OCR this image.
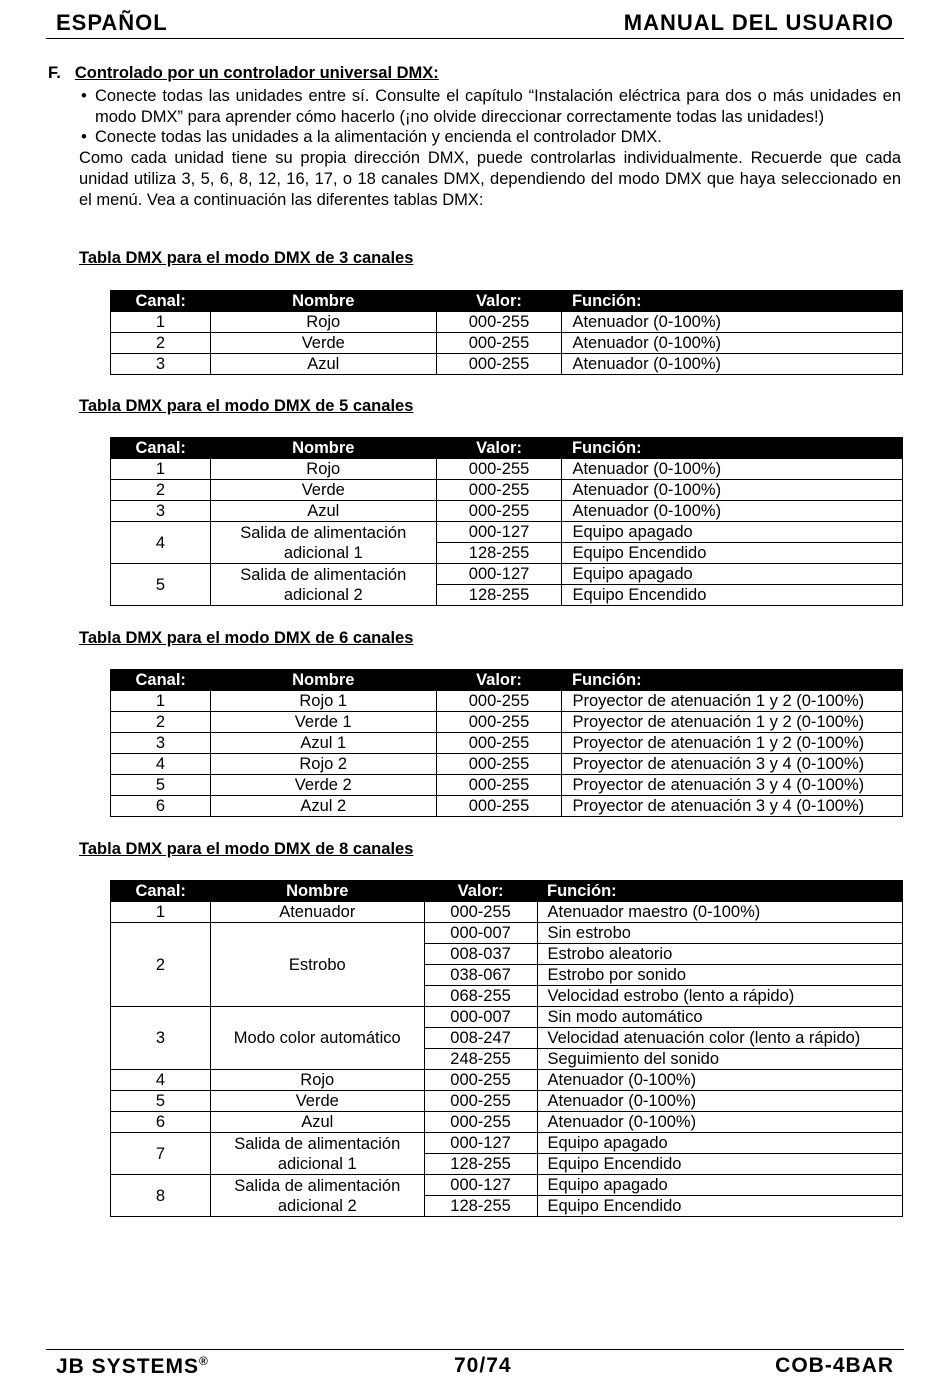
ESPAÑOL	MANUAL DEL USUARIO
F. Controlado por un controlador universal DMX:
• Conecte todas las unidades entre sí. Consulte el capítulo “Instalación eléctrica para dos o más unidades en modo DMX” para aprender cómo hacerlo (¡no olvide direccionar correctamente todas las unidades!)
• Conecte todas las unidades a la alimentación y encienda el controlador DMX.
Como cada unidad tiene su propia dirección DMX, puede controlarlas individualmente. Recuerde que cada unidad utiliza 3, 5, 6, 8, 12, 16, 17, o 18 canales DMX, dependiendo del modo DMX que haya seleccionado en el menú. Vea a continuación las diferentes tablas DMX:
Tabla DMX para el modo DMX de 3 canales
Canal:	Nombre	Valor:	Función:
1	Rojo	000-255	Atenuador (0-100%)
2	Verde	000-255	Atenuador (0-100%)
3	Azul	000-255	Atenuador (0-100%)
Tabla DMX para el modo DMX de 5 canales
Canal:	Nombre	Valor:	Función:
1	Rojo	000-255	Atenuador (0-100%)
2	Verde	000-255	Atenuador (0-100%)
3	Azul	000-255	Atenuador (0-100%)
4	Salida de alimentación adicional 1	000-127	Equipo apagado
		128-255	Equipo Encendido
5	Salida de alimentación adicional 2	000-127	Equipo apagado
		128-255	Equipo Encendido
Tabla DMX para el modo DMX de 6 canales
Canal:	Nombre	Valor:	Función:
1	Rojo 1	000-255	Proyector de atenuación 1 y 2 (0-100%)
2	Verde 1	000-255	Proyector de atenuación 1 y 2 (0-100%)
3	Azul 1	000-255	Proyector de atenuación 1 y 2 (0-100%)
4	Rojo 2	000-255	Proyector de atenuación 3 y 4 (0-100%)
5	Verde 2	000-255	Proyector de atenuación 3 y 4 (0-100%)
6	Azul 2	000-255	Proyector de atenuación 3 y 4 (0-100%)
Tabla DMX para el modo DMX de 8 canales
Canal:	Nombre	Valor:	Función:
1	Atenuador	000-255	Atenuador maestro (0-100%)
2	Estrobo	000-007	Sin estrobo
		008-037	Estrobo aleatorio
		038-067	Estrobo por sonido
		068-255	Velocidad estrobo (lento a rápido)
3	Modo color automático	000-007	Sin modo automático
		008-247	Velocidad atenuación color (lento a rápido)
		248-255	Seguimiento del sonido
4	Rojo	000-255	Atenuador (0-100%)
5	Verde	000-255	Atenuador (0-100%)
6	Azul	000-255	Atenuador (0-100%)
7	Salida de alimentación adicional 1	000-127	Equipo apagado
		128-255	Equipo Encendido
8	Salida de alimentación adicional 2	000-127	Equipo apagado
		128-255	Equipo Encendido
JB SYSTEMS®	70/74	COB-4BAR
